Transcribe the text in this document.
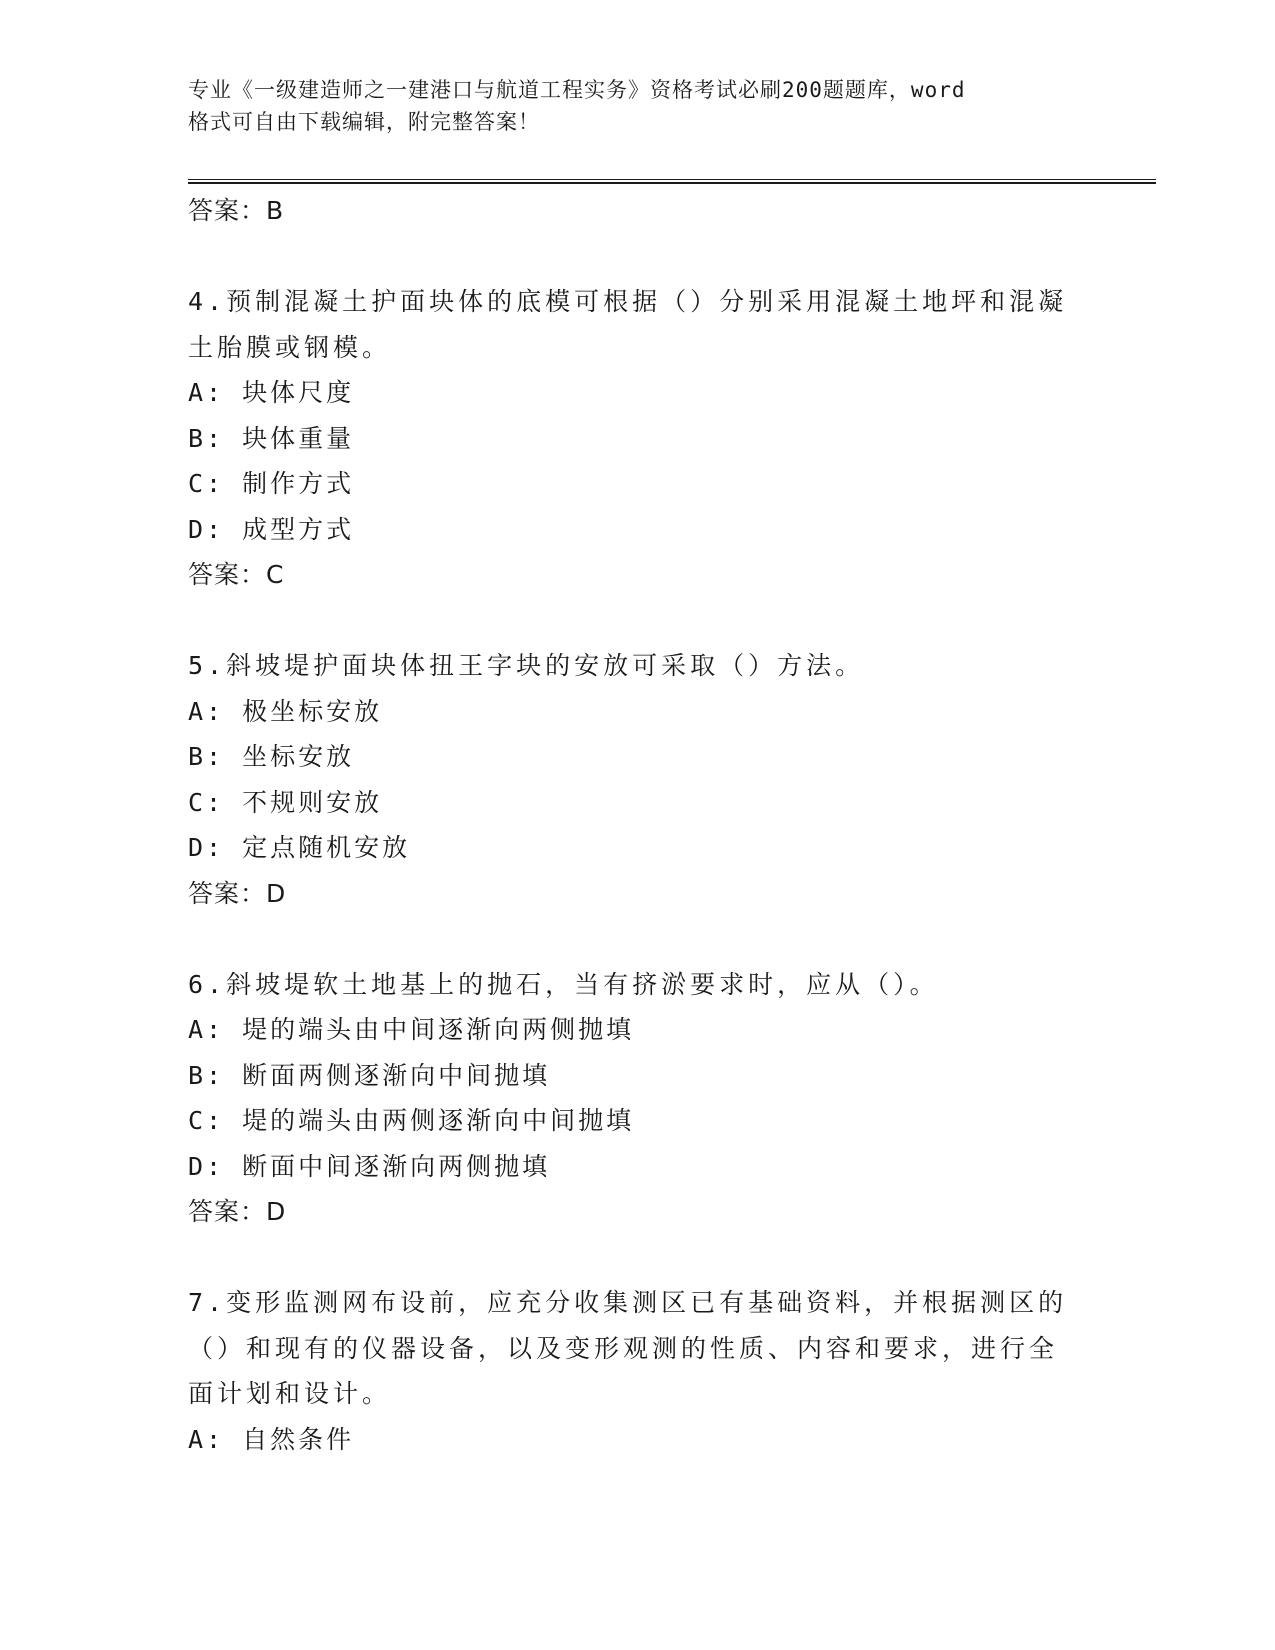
专业《一级建造师之一建港口与航道工程实务》资格考试必刷200题题库，word
格式可自由下载编辑，附完整答案！
答案：B
4.预制混凝土护面块体的底模可根据（）分别采用混凝土地坪和混凝
土胎膜或钢模。
A: 块体尺度
B: 块体重量
C: 制作方式
D: 成型方式
答案：C
5.斜坡堤护面块体扭王字块的安放可采取（）方法。
A: 极坐标安放
B: 坐标安放
C: 不规则安放
D: 定点随机安放
答案：D
6.斜坡堤软土地基上的抛石，当有挤淤要求时，应从（）。
A: 堤的端头由中间逐渐向两侧抛填
B: 断面两侧逐渐向中间抛填
C: 堤的端头由两侧逐渐向中间抛填
D: 断面中间逐渐向两侧抛填
答案：D
7.变形监测网布设前，应充分收集测区已有基础资料，并根据测区的
（）和现有的仪器设备，以及变形观测的性质、内容和要求，进行全
面计划和设计。
A: 自然条件
